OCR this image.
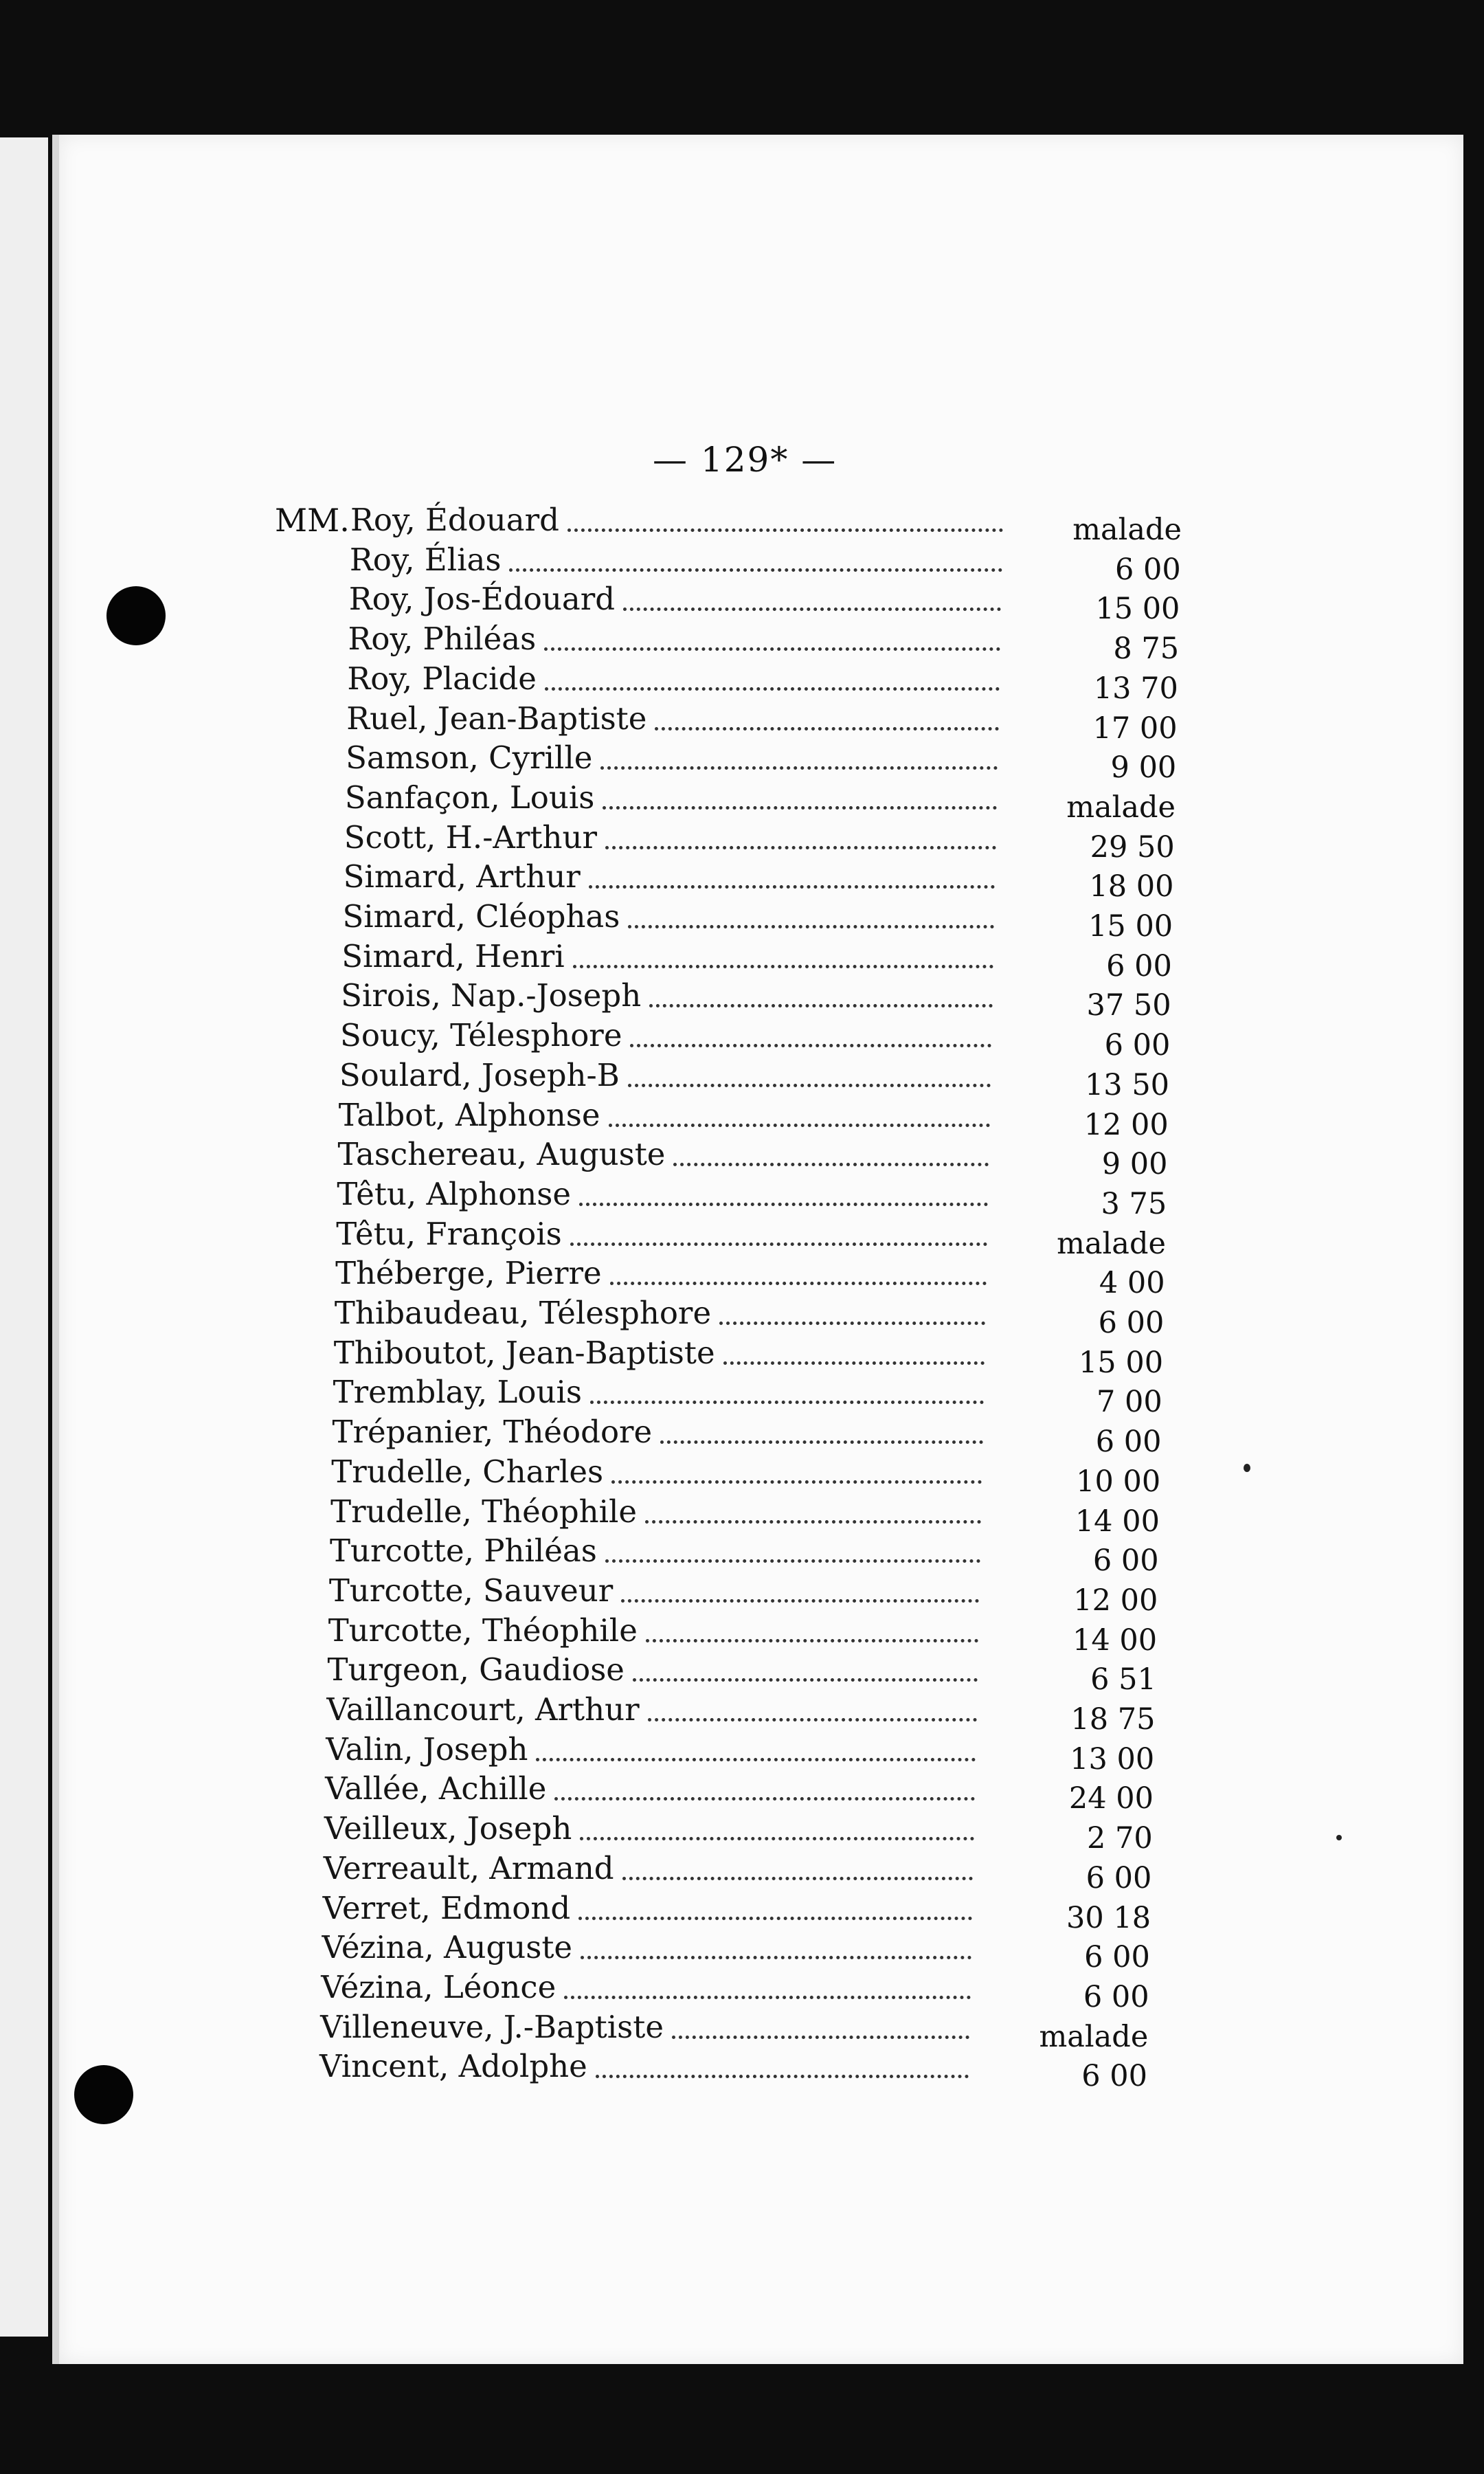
— 129* —
MM. Roy, Édouard	malade
Roy, Élias	6 00
Roy, Jos-Édouard	15 00
Roy, Philéas	8 75
Roy, Placide	13 70
Ruel, Jean-Baptiste	17 00
Samson, Cyrille	9 00
Sanfaçon, Louis	malade
Scott, H.-Arthur	29 50
Simard, Arthur	18 00
Simard, Cléophas	15 00
Simard, Henri	6 00
Sirois, Nap.-Joseph	37 50
Soucy, Télesphore	6 00
Soulard, Joseph-B	13 50
Talbot, Alphonse	12 00
Taschereau, Auguste	9 00
Têtu, Alphonse	3 75
Têtu, François	malade
Théberge, Pierre	4 00
Thibaudeau, Télesphore	6 00
Thiboutot, Jean-Baptiste	15 00
Tremblay, Louis	7 00
Trépanier, Théodore	6 00
Trudelle, Charles	10 00
Trudelle, Théophile	14 00
Turcotte, Philéas	6 00
Turcotte, Sauveur	12 00
Turcotte, Théophile	14 00
Turgeon, Gaudiose	6 51
Vaillancourt, Arthur	18 75
Valin, Joseph	13 00
Vallée, Achille	24 00
Veilleux, Joseph	2 70
Verreault, Armand	6 00
Verret, Edmond	30 18
Vézina, Auguste	6 00
Vézina, Léonce	6 00
Villeneuve, J.-Baptiste	malade
Vincent, Adolphe	6 00
